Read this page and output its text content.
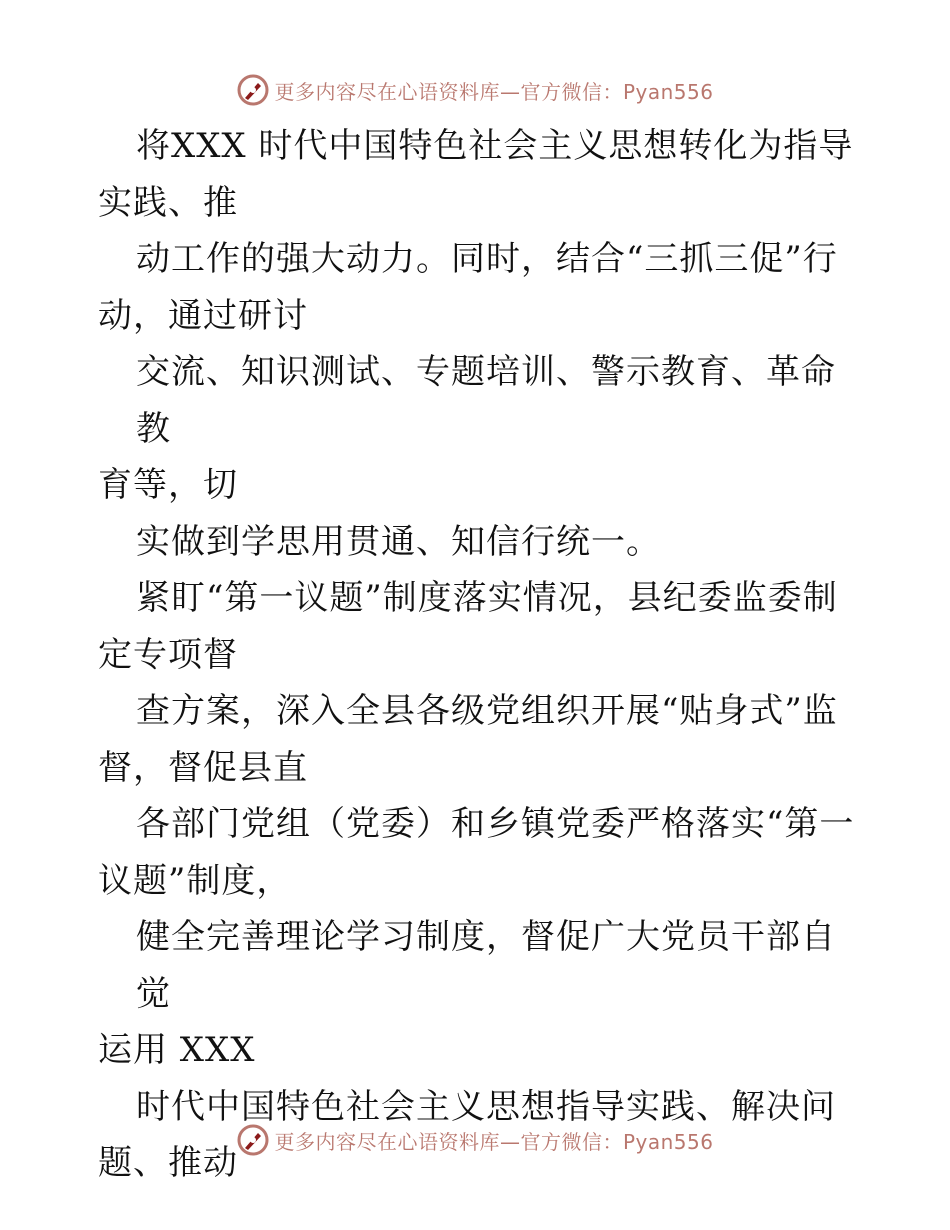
更多内容尽在心语资料库—官方微信：Pyan556

将XXX 时代中国特色社会主义思想转化为指导

实践、推

动工作的强大动力。同时，结合“三抓三促”行

动，通过研讨

交流、知识测试、专题培训、警示教育、革命教

育等，切

实做到学思用贯通、知信行统一。

紧盯“第一议题”制度落实情况，县纪委监委制

定专项督

查方案，深入全县各级党组织开展“贴身式”监

督，督促县直

各部门党组（党委）和乡镇党委严格落实“第一

议题”制度，

健全完善理论学习制度，督促广大党员干部自觉

运用 XXX

时代中国特色社会主义思想指导实践、解决问

题、推动

更多内容尽在心语资料库—官方微信：Pyan556
